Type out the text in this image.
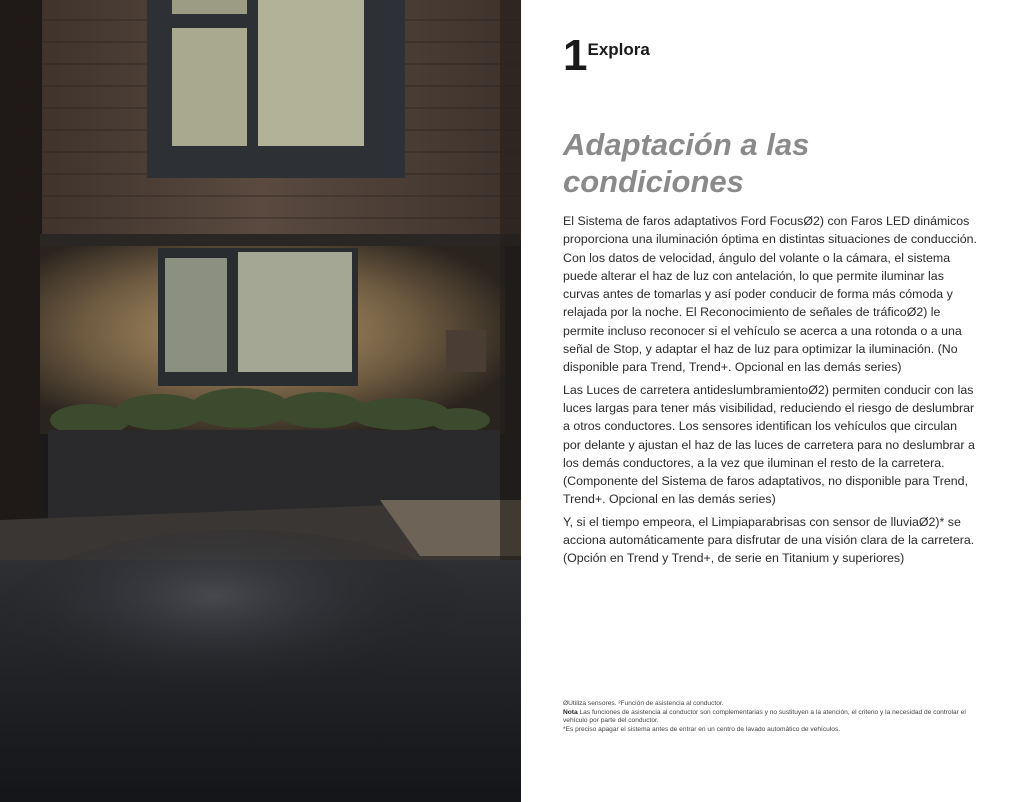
1 Explora
Adaptación a las condiciones

El Sistema de faros adaptativos Ford FocusØ2) con Faros LED dinámicos proporciona una iluminación óptima en distintas situaciones de conducción. Con los datos de velocidad, ángulo del volante o la cámara, el sistema puede alterar el haz de luz con antelación, lo que permite iluminar las curvas antes de tomarlas y así poder conducir de forma más cómoda y relajada por la noche. El Reconocimiento de señales de tráficoØ2) le permite incluso reconocer si el vehículo se acerca a una rotonda o a una señal de Stop, y adaptar el haz de luz para optimizar la iluminación. (No disponible para Trend, Trend+. Opcional en las demás series)

Las Luces de carretera antideslumbramientoØ2) permiten conducir con las luces largas para tener más visibilidad, reduciendo el riesgo de deslumbrar a otros conductores. Los sensores identifican los vehículos que circulan por delante y ajustan el haz de las luces de carretera para no deslumbrar a los demás conductores, a la vez que iluminan el resto de la carretera. (Componente del Sistema de faros adaptativos, no disponible para Trend, Trend+. Opcional en las demás series)

Y, si el tiempo empeora, el Limpiaparabrisas con sensor de lluviaØ2)* se acciona automáticamente para disfrutar de una visión clara de la carretera. (Opción en Trend y Trend+, de serie en Titanium y superiores)

ØUtiliza sensores. ²Función de asistencia al conductor.
Nota Las funciones de asistencia al conductor son complementarias y no sustituyen a la atención, el criterio y la necesidad de controlar el vehículo por parte del conductor.
*Es preciso apagar el sistema antes de entrar en un centro de lavado automático de vehículos.
